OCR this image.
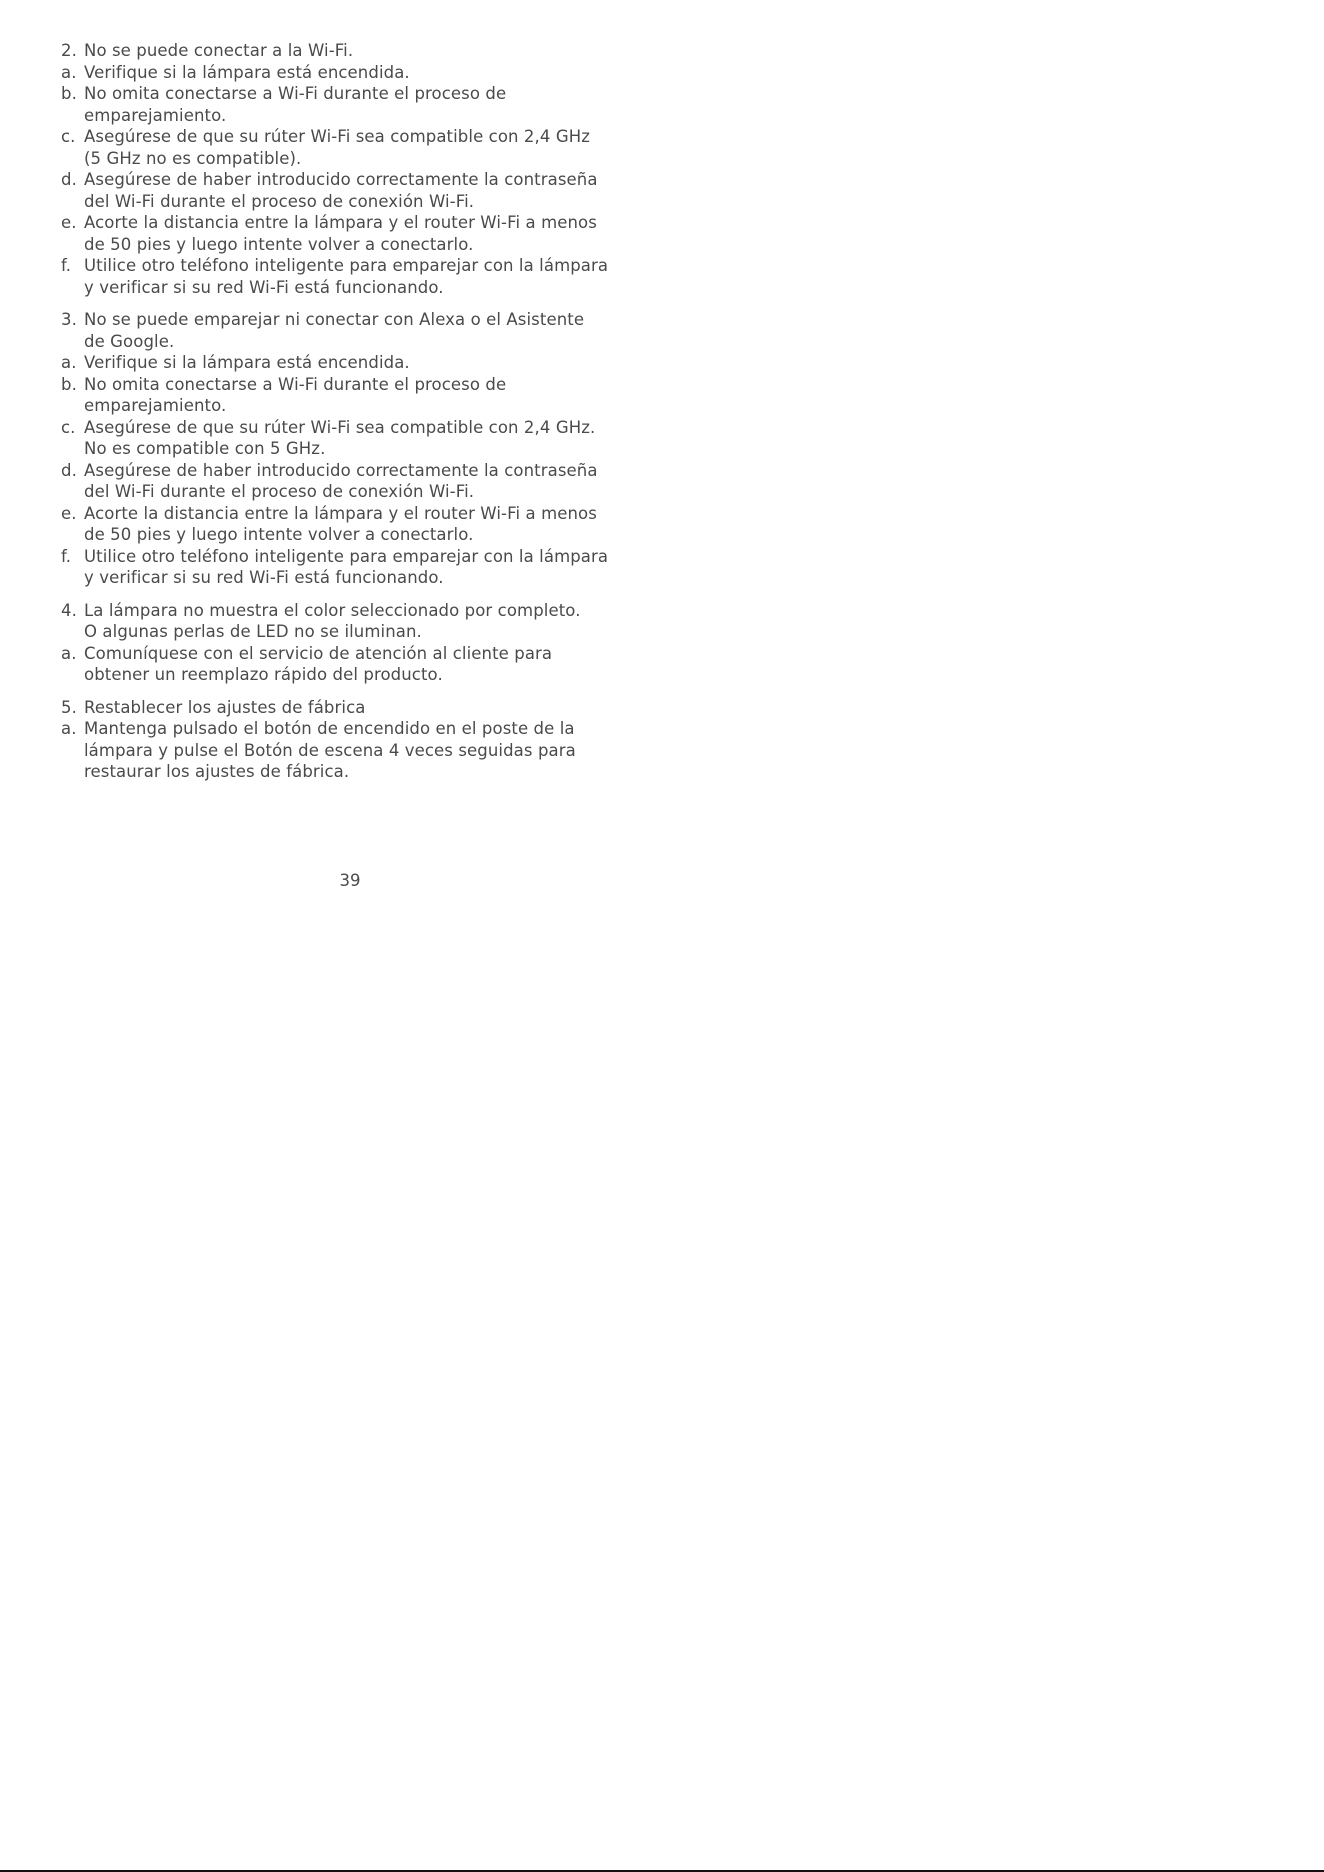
2. No se puede conectar a la Wi-Fi.
a. Verifique si la lámpara está encendida.
b. No omita conectarse a Wi-Fi durante el proceso de
emparejamiento.
c. Asegúrese de que su rúter Wi-Fi sea compatible con 2,4 GHz
(5 GHz no es compatible).
d. Asegúrese de haber introducido correctamente la contraseña
del Wi-Fi durante el proceso de conexión Wi-Fi.
e. Acorte la distancia entre la lámpara y el router Wi-Fi a menos
de 50 pies y luego intente volver a conectarlo.
f. Utilice otro teléfono inteligente para emparejar con la lámpara
y verificar si su red Wi-Fi está funcionando.
3. No se puede emparejar ni conectar con Alexa o el Asistente
de Google.
a. Verifique si la lámpara está encendida.
b. No omita conectarse a Wi-Fi durante el proceso de
emparejamiento.
c. Asegúrese de que su rúter Wi-Fi sea compatible con 2,4 GHz.
No es compatible con 5 GHz.
d. Asegúrese de haber introducido correctamente la contraseña
del Wi-Fi durante el proceso de conexión Wi-Fi.
e. Acorte la distancia entre la lámpara y el router Wi-Fi a menos
de 50 pies y luego intente volver a conectarlo.
f. Utilice otro teléfono inteligente para emparejar con la lámpara
y verificar si su red Wi-Fi está funcionando.
4. La lámpara no muestra el color seleccionado por completo.
O algunas perlas de LED no se iluminan.
a. Comuníquese con el servicio de atención al cliente para
obtener un reemplazo rápido del producto.
5. Restablecer los ajustes de fábrica
a. Mantenga pulsado el botón de encendido en el poste de la
lámpara y pulse el Botón de escena 4 veces seguidas para
restaurar los ajustes de fábrica.
39
